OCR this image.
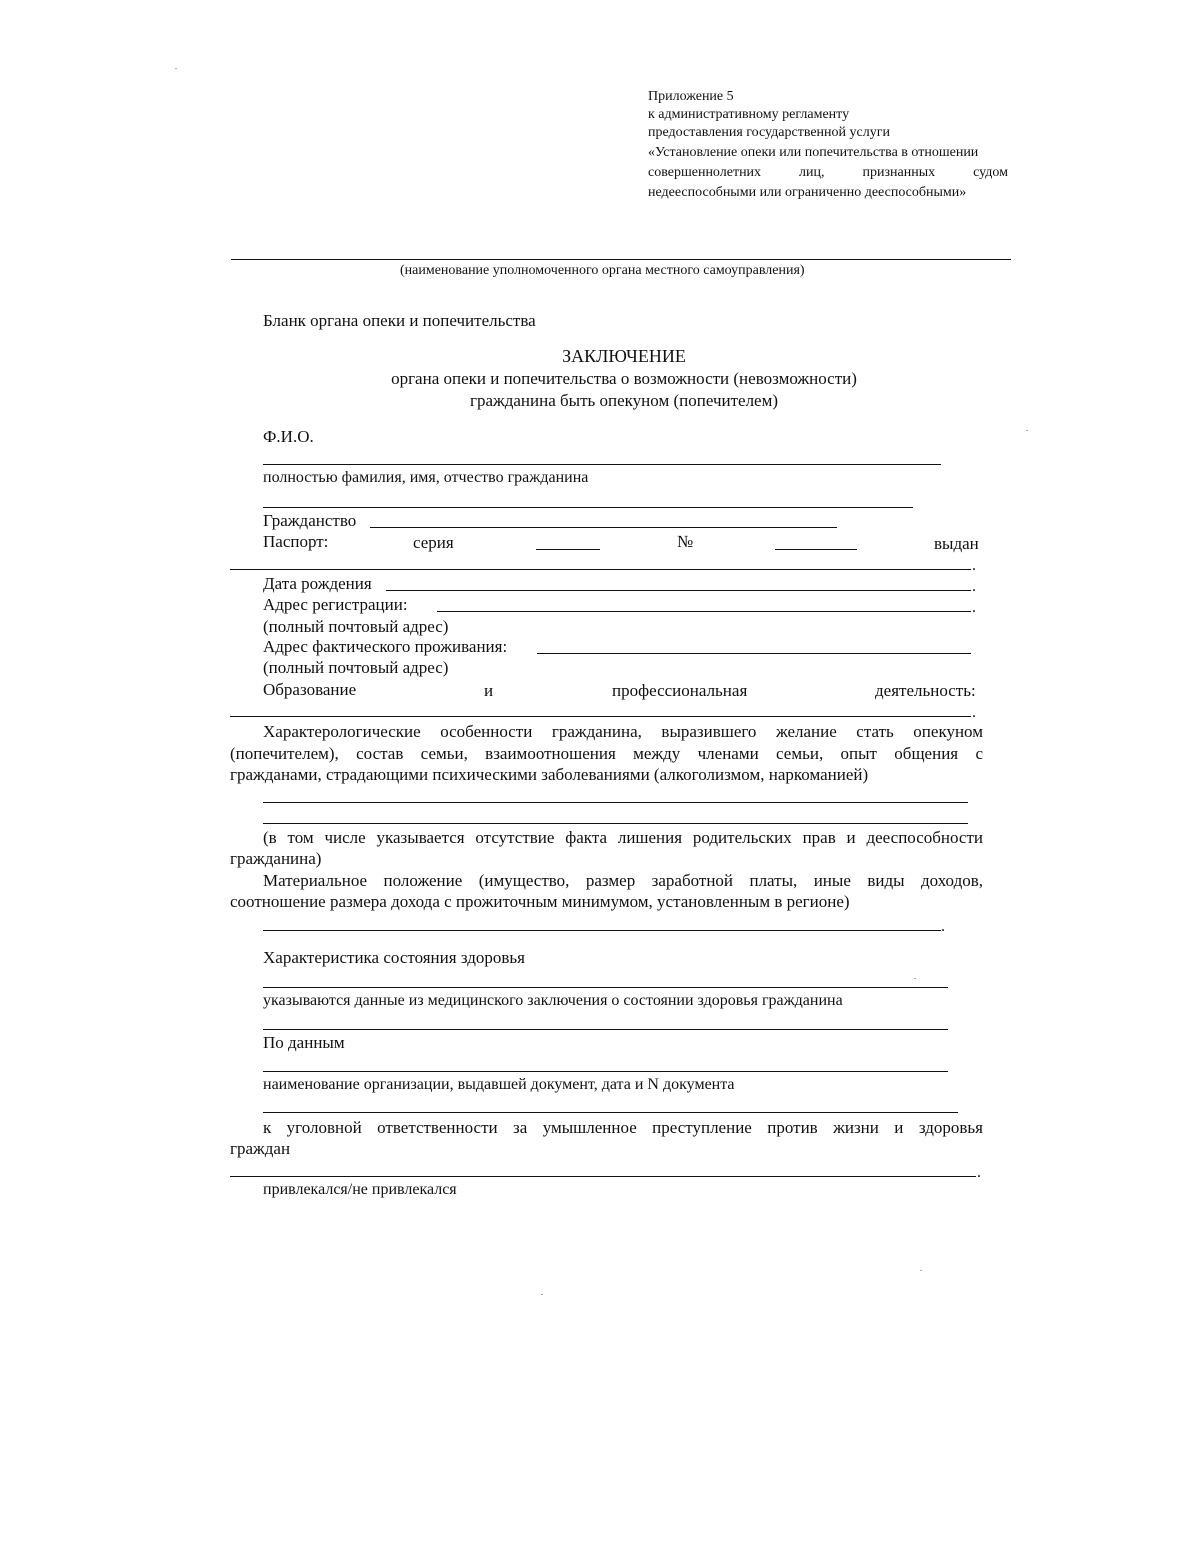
Приложение 5
к административному регламенту
предоставления государственной услуги
«Установление опеки или попечительства в отношении
совершеннолетних лиц, признанных судом
недееспособными или ограниченно дееспособными»
(наименование уполномоченного органа местного самоуправления)
Бланк органа опеки и попечительства
ЗАКЛЮЧЕНИЕ
органа опеки и попечительства о возможности (невозможности)
гражданина быть опекуном (попечителем)
Ф.И.О.
полностью фамилия, имя, отчество гражданина
Гражданство
Паспорт:	серия	№	выдан
.
Дата рождения	.
Адрес регистрации:	.
(полный почтовый адрес)
Адрес фактического проживания:
(полный почтовый адрес)
Образование	и	профессиональная	деятельность:
.
Характерологические особенности гражданина, выразившего желание стать опекуном
(попечителем), состав семьи, взаимоотношения между членами семьи, опыт общения с
гражданами, страдающими психическими заболеваниями (алкоголизмом, наркоманией)
(в том числе указывается отсутствие факта лишения родительских прав и дееспособности
гражданина)
Материальное положение (имущество, размер заработной платы, иные виды доходов,
соотношение размера дохода с прожиточным минимумом, установленным в регионе)
.
Характеристика состояния здоровья
указываются данные из медицинского заключения о состоянии здоровья гражданина
По данным
наименование организации, выдавшей документ, дата и N документа
к уголовной ответственности за умышленное преступление против жизни и здоровья
граждан
.
привлекался/не привлекался
